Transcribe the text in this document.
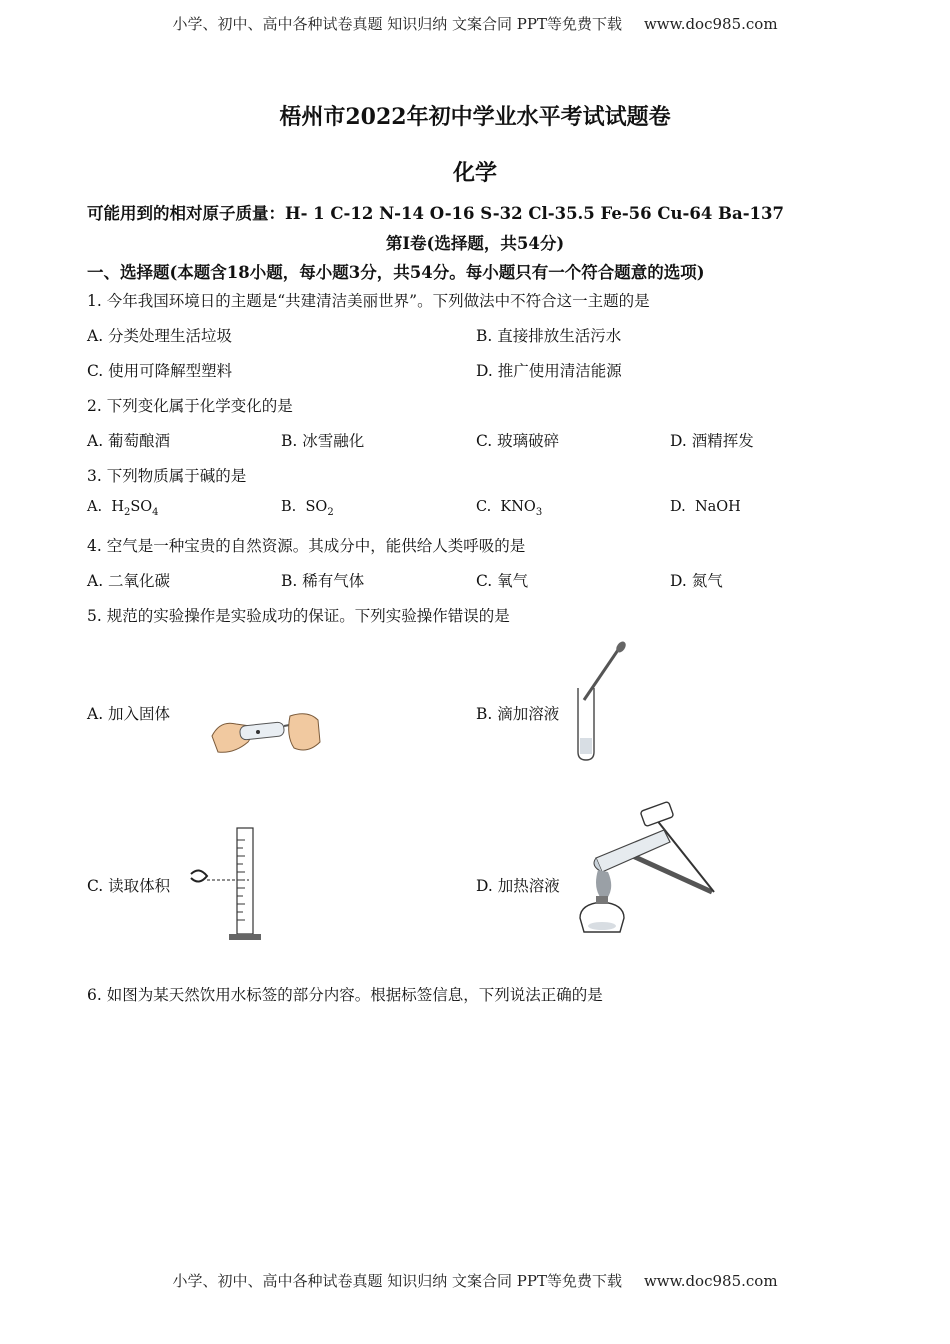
小学、初中、高中各种试卷真题 知识归纳 文案合同 PPT等免费下载 www.doc985.com
梧州市2022年初中学业水平考试试题卷
化学
可能用到的相对原子质量：H- 1 C-12 N-14 O-16 S-32 Cl-35.5 Fe-56 Cu-64 Ba-137
第Ⅰ卷(选择题，共54分)
一、选择题(本题含18小题，每小题3分，共54分。每小题只有一个符合题意的选项)
1. 今年我国环境日的主题是“共建清洁美丽世界”。下列做法中不符合这一主题的是
A. 分类处理生活垃圾	B. 直接排放生活污水
C. 使用可降解型塑料	D. 推广使用清洁能源
2. 下列变化属于化学变化的是
A. 葡萄酿酒	B. 冰雪融化	C. 玻璃破碎	D. 酒精挥发
3. 下列物质属于碱的是
A. $H_2SO_4$	B. $SO_2$	C. $KNO_3$	D. NaOH
4. 空气是一种宝贵的自然资源。其成分中，能供给人类呼吸的是
A. 二氧化碳	B. 稀有气体	C. 氧气	D. 氮气
5. 规范的实验操作是实验成功的保证。下列实验操作错误的是
A. 加入固体	B. 滴加溶液
C. 读取体积	D. 加热溶液
6. 如图为某天然饮用水标签的部分内容。根据标签信息，下列说法正确的是
小学、初中、高中各种试卷真题 知识归纳 文案合同 PPT等免费下载 www.doc985.com
